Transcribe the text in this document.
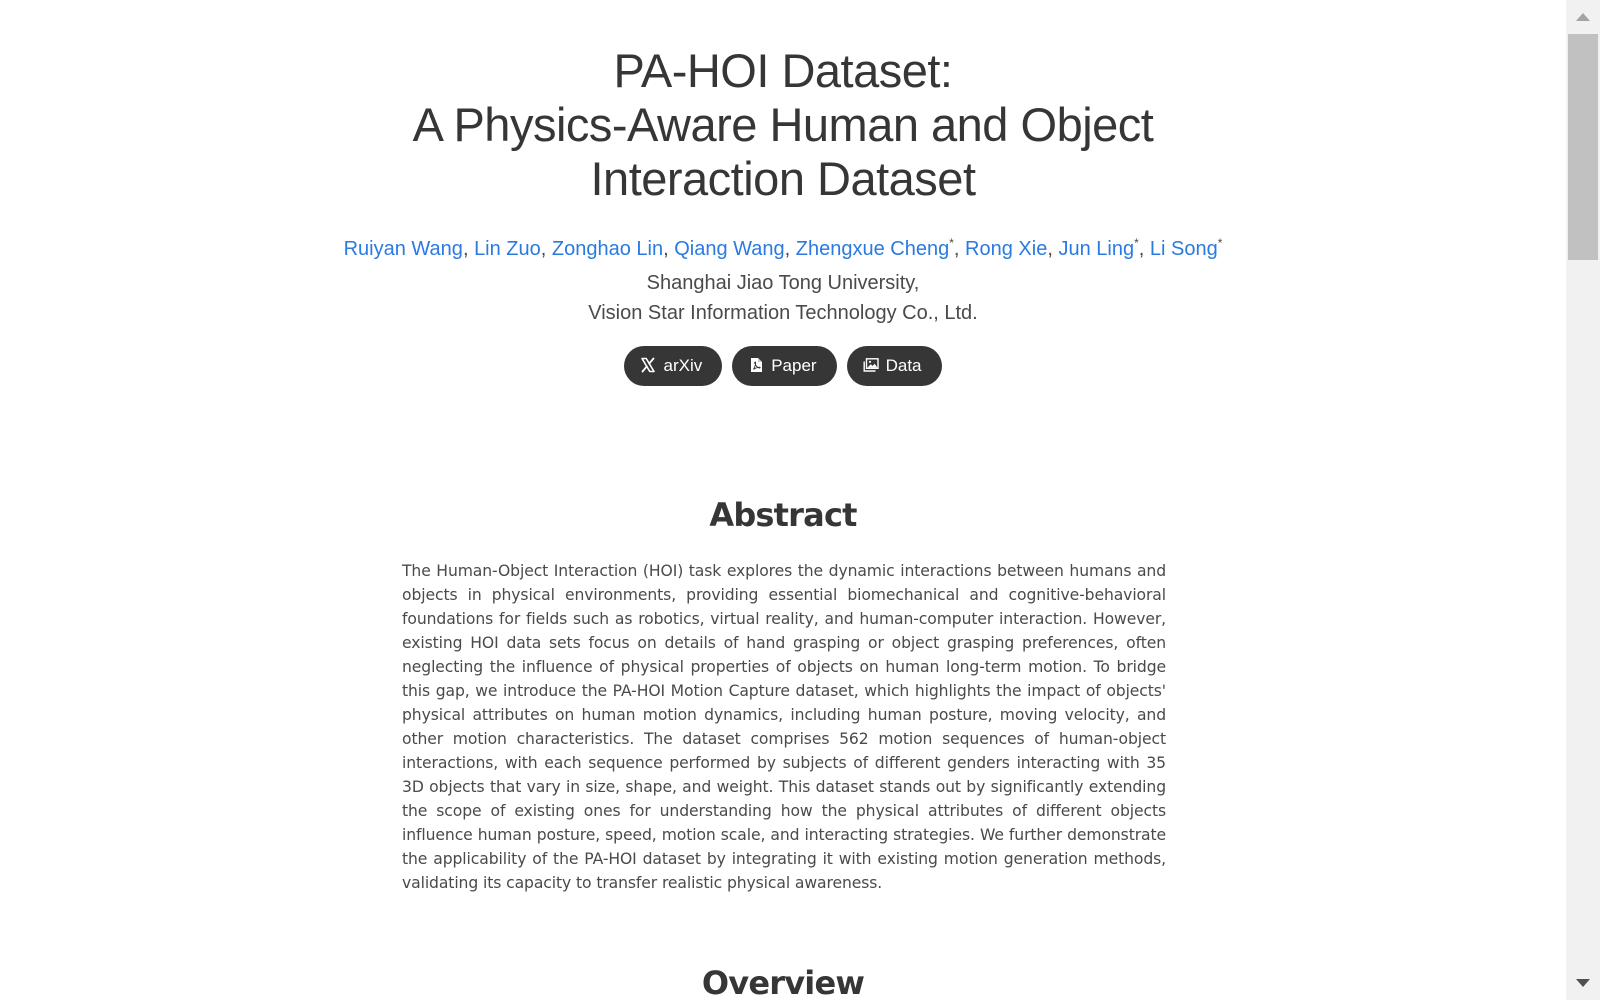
PA-HOI Dataset:
A Physics-Aware Human and Object
Interaction Dataset
Ruiyan Wang, Lin Zuo, Zonghao Lin, Qiang Wang, Zhengxue Cheng*, Rong Xie, Jun Ling*, Li Song*
Shanghai Jiao Tong University,
Vision Star Information Technology Co., Ltd.
arXiv	Paper	Data
Abstract

The Human-Object Interaction (HOI) task explores the dynamic interactions between humans and objects in physical environments, providing essential biomechanical and cognitive-behavioral foundations for fields such as robotics, virtual reality, and human-computer interaction. However, existing HOI data sets focus on details of hand grasping or object grasping preferences, often neglecting the influence of physical properties of objects on human long-term motion. To bridge this gap, we introduce the PA-HOI Motion Capture dataset, which highlights the impact of objects' physical attributes on human motion dynamics, including human posture, moving velocity, and other motion characteristics. The dataset comprises 562 motion sequences of human-object interactions, with each sequence performed by subjects of different genders interacting with 35 3D objects that vary in size, shape, and weight. This dataset stands out by significantly extending the scope of existing ones for understanding how the physical attributes of different objects influence human posture, speed, motion scale, and interacting strategies. We further demonstrate the applicability of the PA-HOI dataset by integrating it with existing motion generation methods, validating its capacity to transfer realistic physical awareness.

Overview
